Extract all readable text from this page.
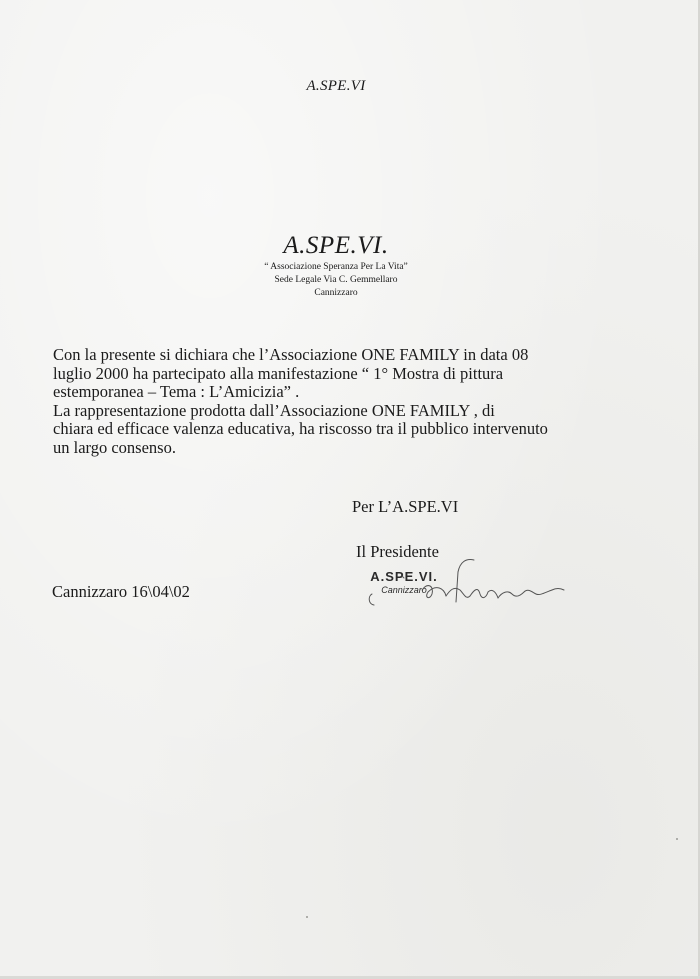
A.SPE.VI
A.SPE.VI.
“ Associazione Speranza Per La Vita”
Sede Legale Via C. Gemmellaro
Cannizzaro
Con la presente si dichiara che l’Associazione ONE FAMILY in data 08
luglio 2000 ha partecipato alla manifestazione “ 1° Mostra di pittura
estemporanea – Tema : L’Amicizia” .
La rappresentazione prodotta dall’Associazione ONE FAMILY , di
chiara ed efficace valenza educativa, ha riscosso tra il pubblico intervenuto
un largo consenso.
Per L’A.SPE.VI
Il Presidente
Cannizzaro 16\04\02
A.SPE.VI.
Cannizzaro
